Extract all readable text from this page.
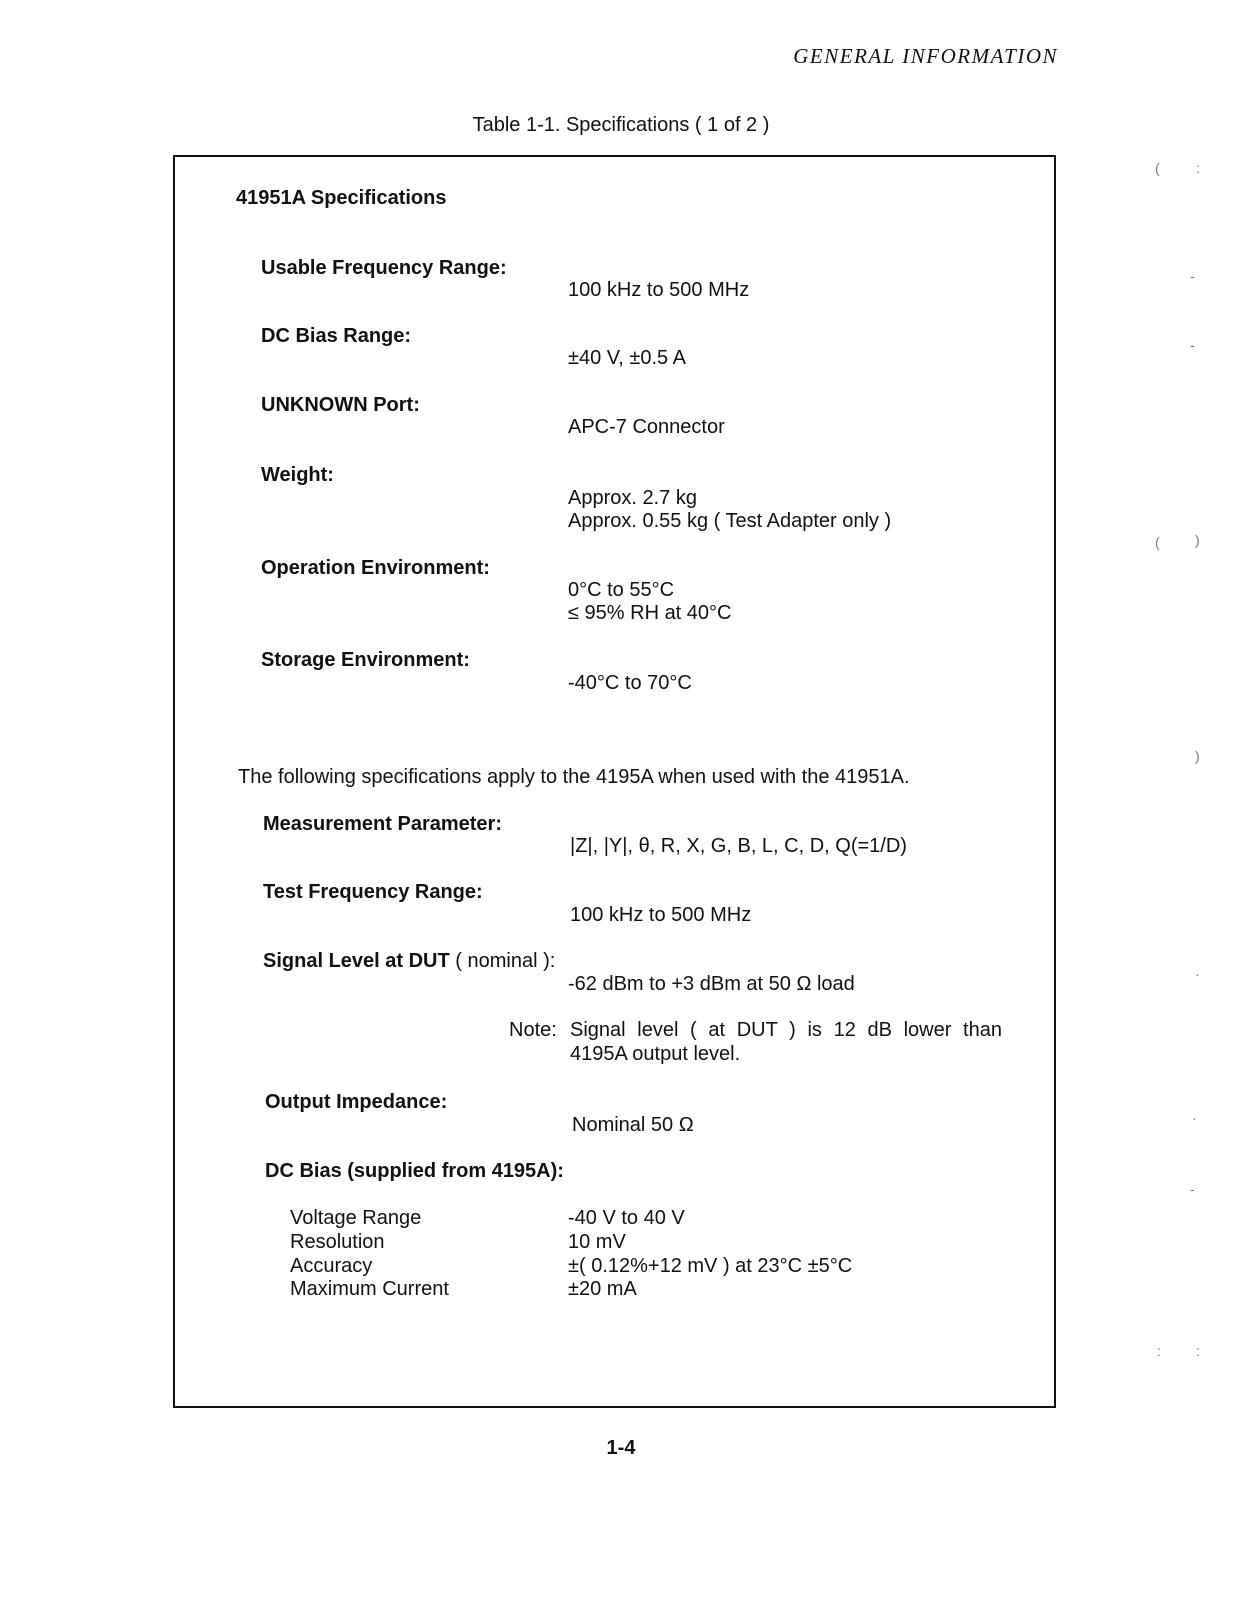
GENERAL INFORMATION
Table 1-1. Specifications ( 1 of 2 )
41951A Specifications
Usable Frequency Range:
100 kHz to 500 MHz
DC Bias Range:
±40 V, ±0.5 A
UNKNOWN Port:
APC-7 Connector
Weight:
Approx. 2.7 kg
Approx. 0.55 kg ( Test Adapter only )
Operation Environment:
0°C to 55°C
≤ 95% RH at 40°C
Storage Environment:
-40°C to 70°C
The following specifications apply to the 4195A when used with the 41951A.
Measurement Parameter:
|Z|, |Y|, θ, R, X, G, B, L, C, D, Q(=1/D)
Test Frequency Range:
100 kHz to 500 MHz
Signal Level at DUT ( nominal ):
-62 dBm to +3 dBm at 50 Ω load
Note: Signal level ( at DUT ) is 12 dB lower than 4195A output level.
Output Impedance:
Nominal 50 Ω
DC Bias (supplied from 4195A):
Voltage Range	-40 V to 40 V
Resolution	10 mV
Accuracy	±( 0.12%+12 mV ) at 23°C ±5°C
Maximum Current	±20 mA
1-4
(	:
-
-
(	)
)
·
·
-
:	:
